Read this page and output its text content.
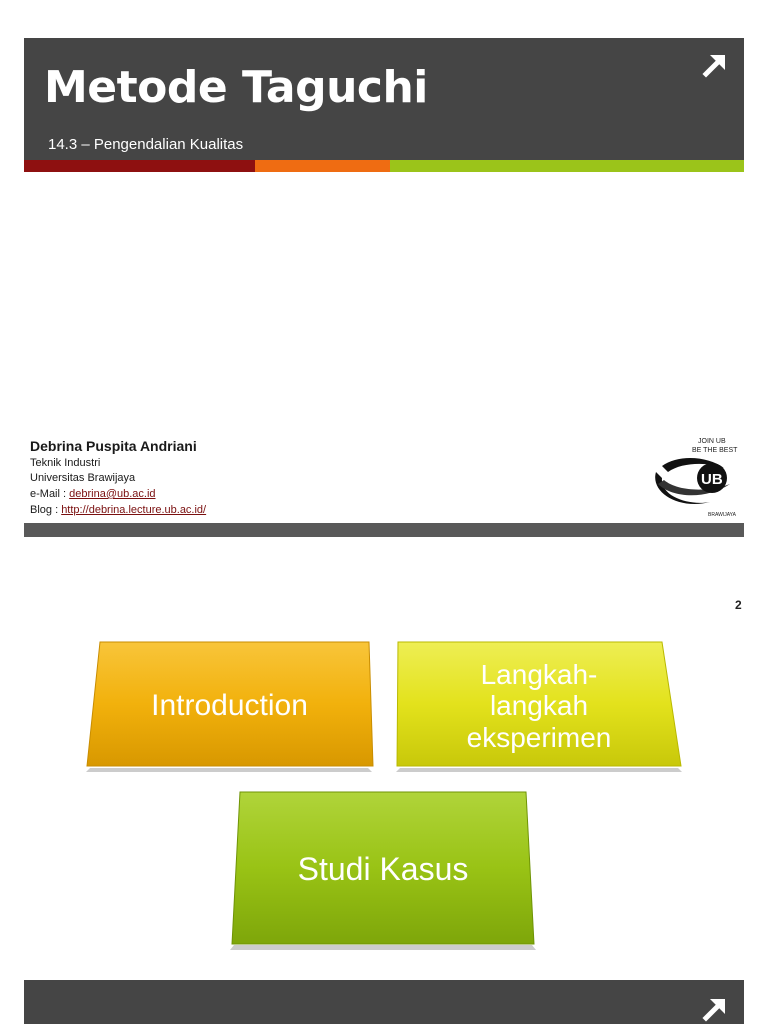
Metode Taguchi
14.3 – Pengendalian Kualitas
Debrina Puspita Andriani
Teknik Industri
Universitas Brawijaya
e-Mail : debrina@ub.ac.id
Blog : http://debrina.lecture.ub.ac.id/
JOIN UB
BE THE BEST
UB
BRAWIJAYA
2
Introduction
Langkah-
langkah
eksperimen
Studi Kasus
